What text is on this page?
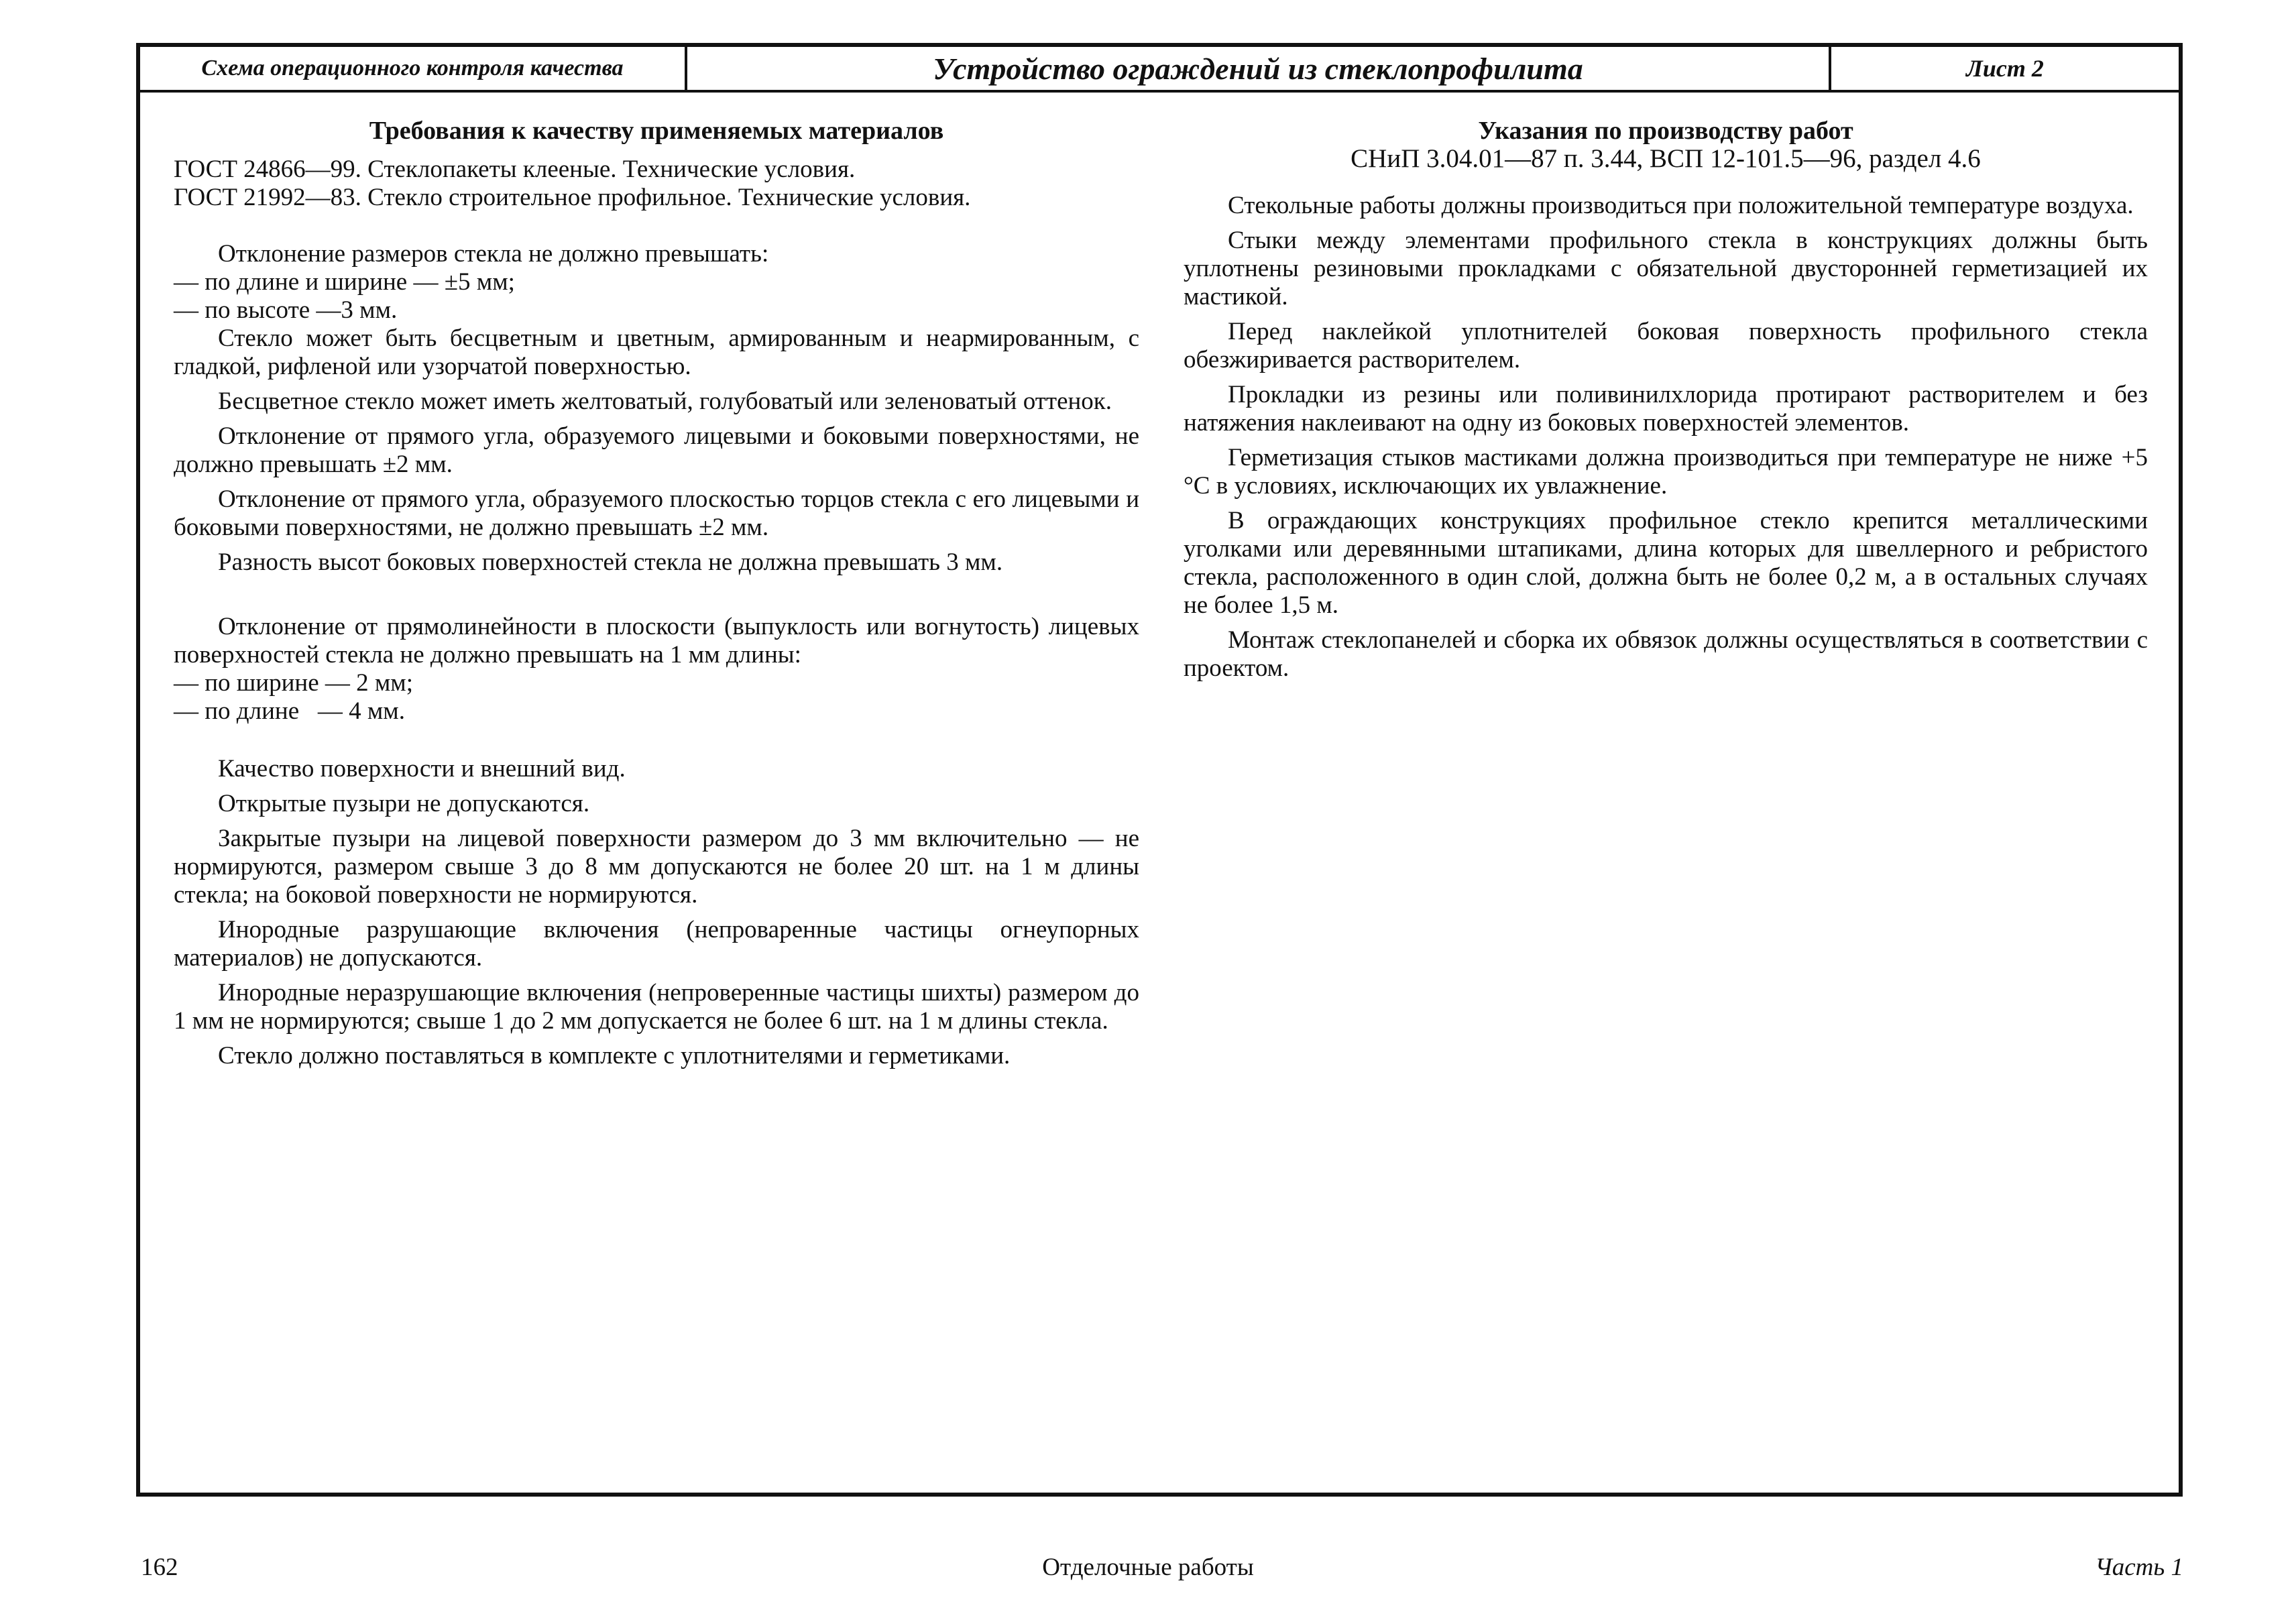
Схема операционного контроля качества	Устройство ограждений из стеклопрофилита	Лист 2

Требования к качеству применяемых материалов

ГОСТ 24866—99. Стеклопакеты клееные. Технические условия.

ГОСТ 21992—83. Стекло строительное профильное. Технические условия.

Отклонение размеров стекла не должно превышать:

— по длине и ширине — ±5 мм;

— по высоте —3 мм.

Стекло может быть бесцветным и цветным, армированным и неармированным, с гладкой, рифленой или узорчатой поверхностью.

Бесцветное стекло может иметь желтоватый, голубоватый или зеленоватый оттенок.

Отклонение от прямого угла, образуемого лицевыми и боковыми поверхностями, не должно превышать ±2 мм.

Отклонение от прямого угла, образуемого плоскостью торцов стекла с его лицевыми и боковыми поверхностями, не должно превышать ±2 мм.

Разность высот боковых поверхностей стекла не должна превышать 3 мм.

Отклонение от прямолинейности в плоскости (выпуклость или вогнутость) лицевых поверхностей стекла не должно превышать на 1 мм длины:

— по ширине — 2 мм;

— по длине   — 4 мм.

Качество поверхности и внешний вид.

Открытые пузыри не допускаются.

Закрытые пузыри на лицевой поверхности размером до 3 мм включительно — не нормируются, размером свыше 3 до 8 мм допускаются не более 20 шт. на 1 м длины стекла; на боковой поверхности не нормируются.

Инородные разрушающие включения (непроваренные частицы огнеупорных материалов) не допускаются.

Инородные неразрушающие включения (непроверенные частицы шихты) размером до 1 мм не нормируются; свыше 1 до 2 мм допускается не более 6 шт. на 1 м длины стекла.

Стекло должно поставляться в комплекте с уплотнителями и герметиками.

Указания по производству работ

СНиП 3.04.01—87 п. 3.44, ВСП 12-101.5—96, раздел 4.6

Стекольные работы должны производиться при положительной температуре воздуха.

Стыки между элементами профильного стекла в конструкциях должны быть уплотнены резиновыми прокладками с обязательной двусторонней герметизацией их мастикой.

Перед наклейкой уплотнителей боковая поверхность профильного стекла обезжиривается растворителем.

Прокладки из резины или поливинилхлорида протирают растворителем и без натяжения наклеивают на одну из боковых поверхностей элементов.

Герметизация стыков мастиками должна производиться при температуре не ниже +5 °С в условиях, исключающих их увлажнение.

В ограждающих конструкциях профильное стекло крепится металлическими уголками или деревянными штапиками, длина которых для швеллерного и ребристого стекла, расположенного в один слой, должна быть не более 0,2 м, а в остальных случаях не более 1,5 м.

Монтаж стеклопанелей и сборка их обвязок должны осуществляться в соответствии с проектом.

162	Отделочные работы	Часть 1
